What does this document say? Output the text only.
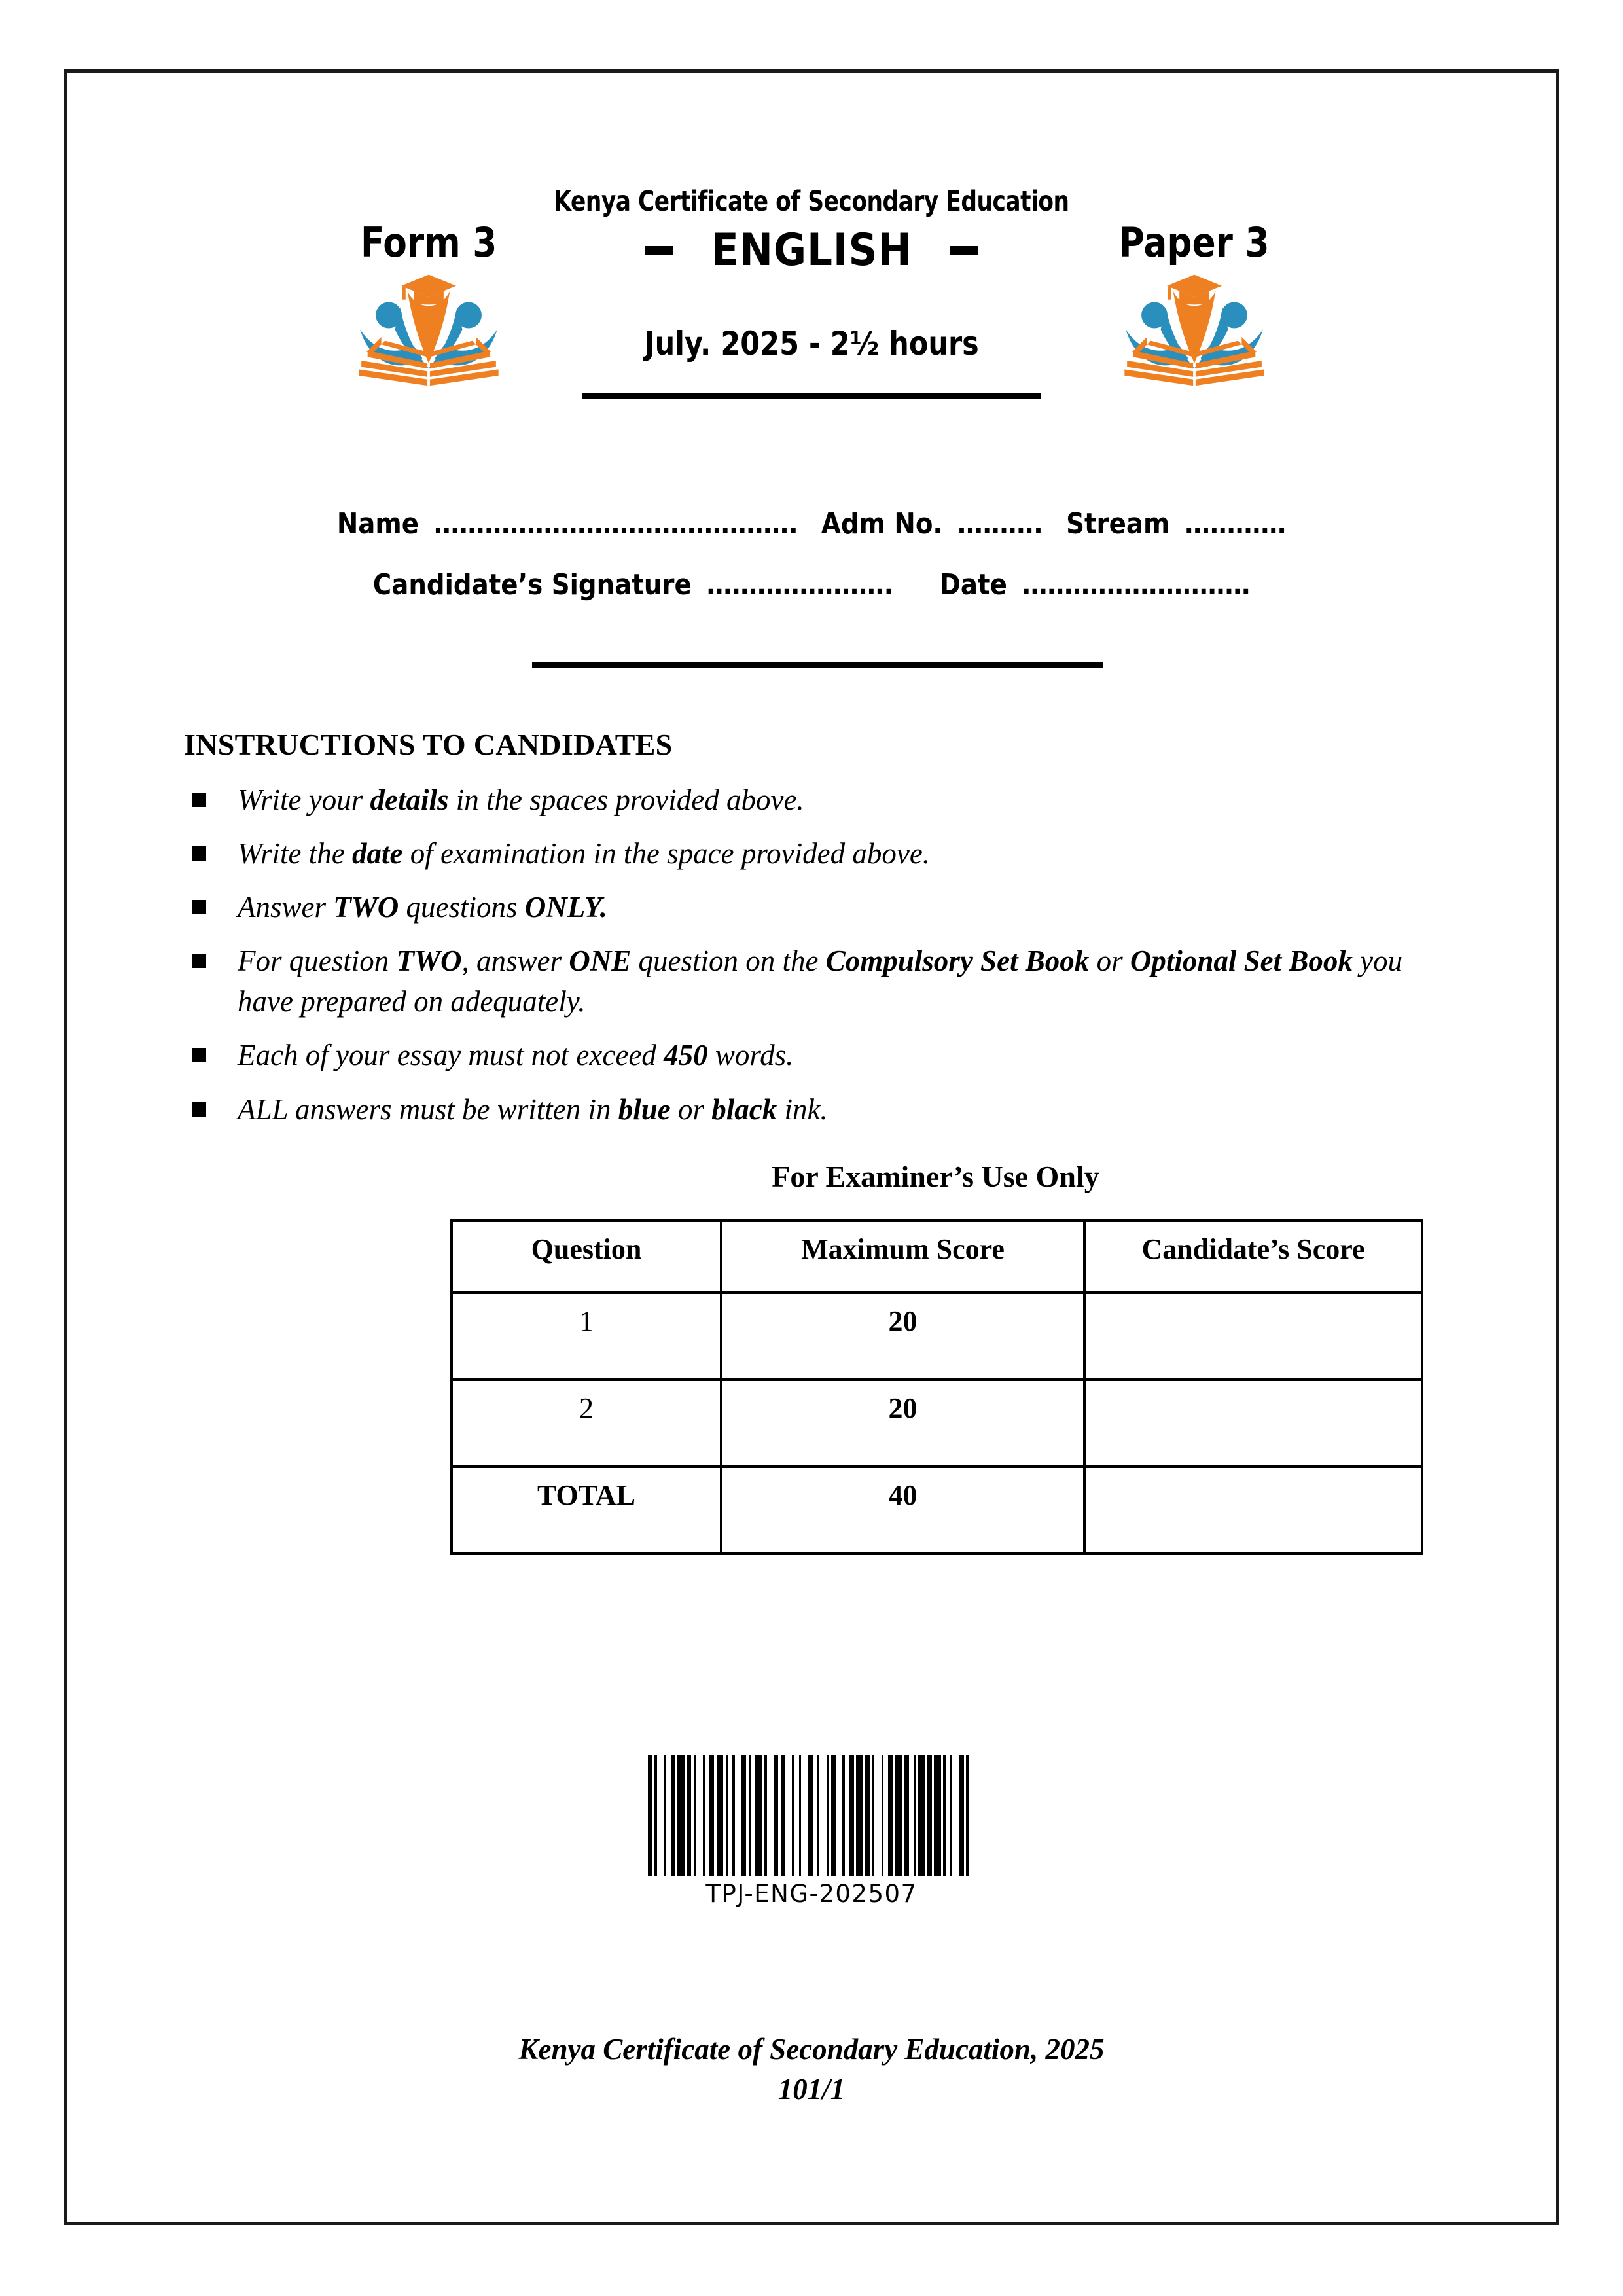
Kenya Certificate of Secondary Education
Form 3	ENGLISH
July. 2025 - 2½ hours
Paper 3
Name ……………………………………. Adm No. ………. Stream …………
Candidate’s Signature …………………. Date ………………………
INSTRUCTIONS TO CANDIDATES
Write your details in the spaces provided above.
Write the date of examination in the space provided above.
Answer TWO questions ONLY.
For question TWO, answer ONE question on the Compulsory Set Book or Optional Set Book you have prepared on adequately.
Each of your essay must not exceed 450 words.
ALL answers must be written in blue or black ink.
For Examiner’s Use Only
Question	Maximum Score	Candidate’s Score
1	20	
2	20	
TOTAL	40	
TPJ-ENG-202507
Kenya Certificate of Secondary Education, 2025
101/1
